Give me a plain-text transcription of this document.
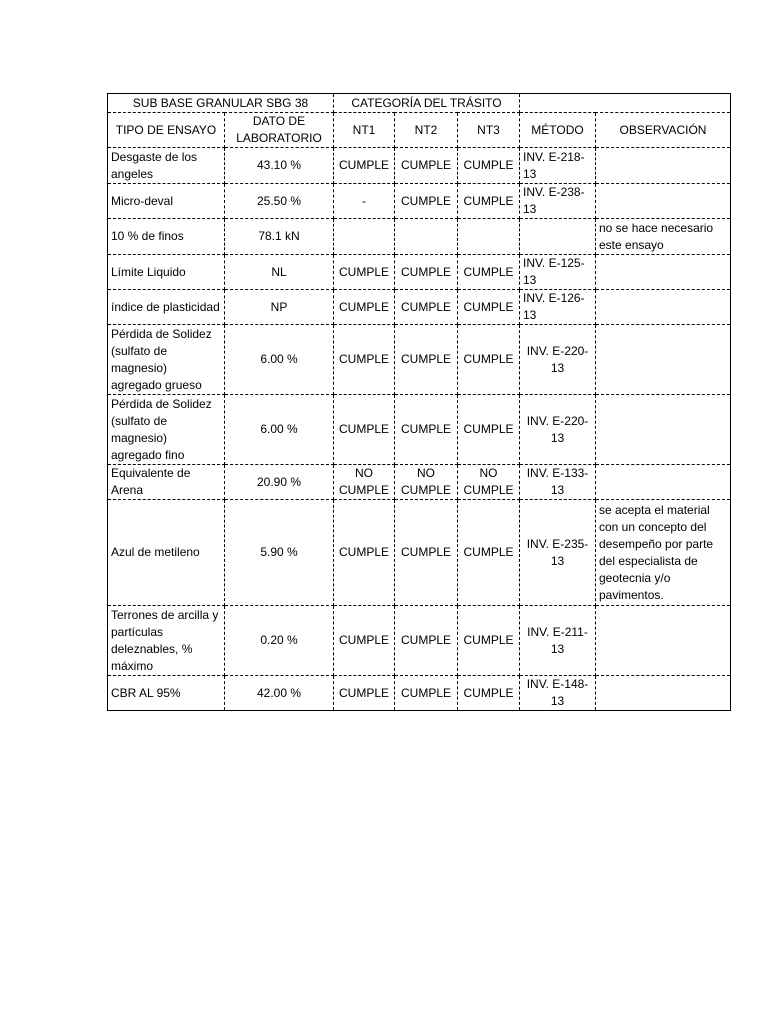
SUB BASE GRANULAR SBG 38		CATEGORÍA DEL TRÁSITO				
TIPO DE ENSAYO	DATO DE LABORATORIO	NT1	NT2	NT3	MÉTODO	OBSERVACIÓN
Desgaste de los angeles	43.10 %	CUMPLE	CUMPLE	CUMPLE	INV. E-218-13	
Micro-deval	25.50 %	-	CUMPLE	CUMPLE	INV. E-238-13	
10 % de finos	78.1 kN					no se hace necesario este ensayo
Límite Liquido	NL	CUMPLE	CUMPLE	CUMPLE	INV. E-125-13	
índice de plasticidad	NP	CUMPLE	CUMPLE	CUMPLE	INV. E-126-13	
Pérdida de Solidez (sulfato de magnesio) agregado grueso	6.00 %	CUMPLE	CUMPLE	CUMPLE	INV. E-220-13	
Pérdida de Solidez (sulfato de magnesio) agregado fino	6.00 %	CUMPLE	CUMPLE	CUMPLE	INV. E-220-13	
Equivalente de Arena	20.90 %	NO CUMPLE	NO CUMPLE	NO CUMPLE	INV. E-133-13	
Azul de metileno	5.90 %	CUMPLE	CUMPLE	CUMPLE	INV. E-235-13	se acepta el material con un concepto del desempeño por parte del especialista de geotecnia y/o pavimentos.
Terrones de arcilla y partículas deleznables, % máximo	0.20 %	CUMPLE	CUMPLE	CUMPLE	INV. E-211-13	
CBR AL 95%	42.00 %	CUMPLE	CUMPLE	CUMPLE	INV. E-148-13	
